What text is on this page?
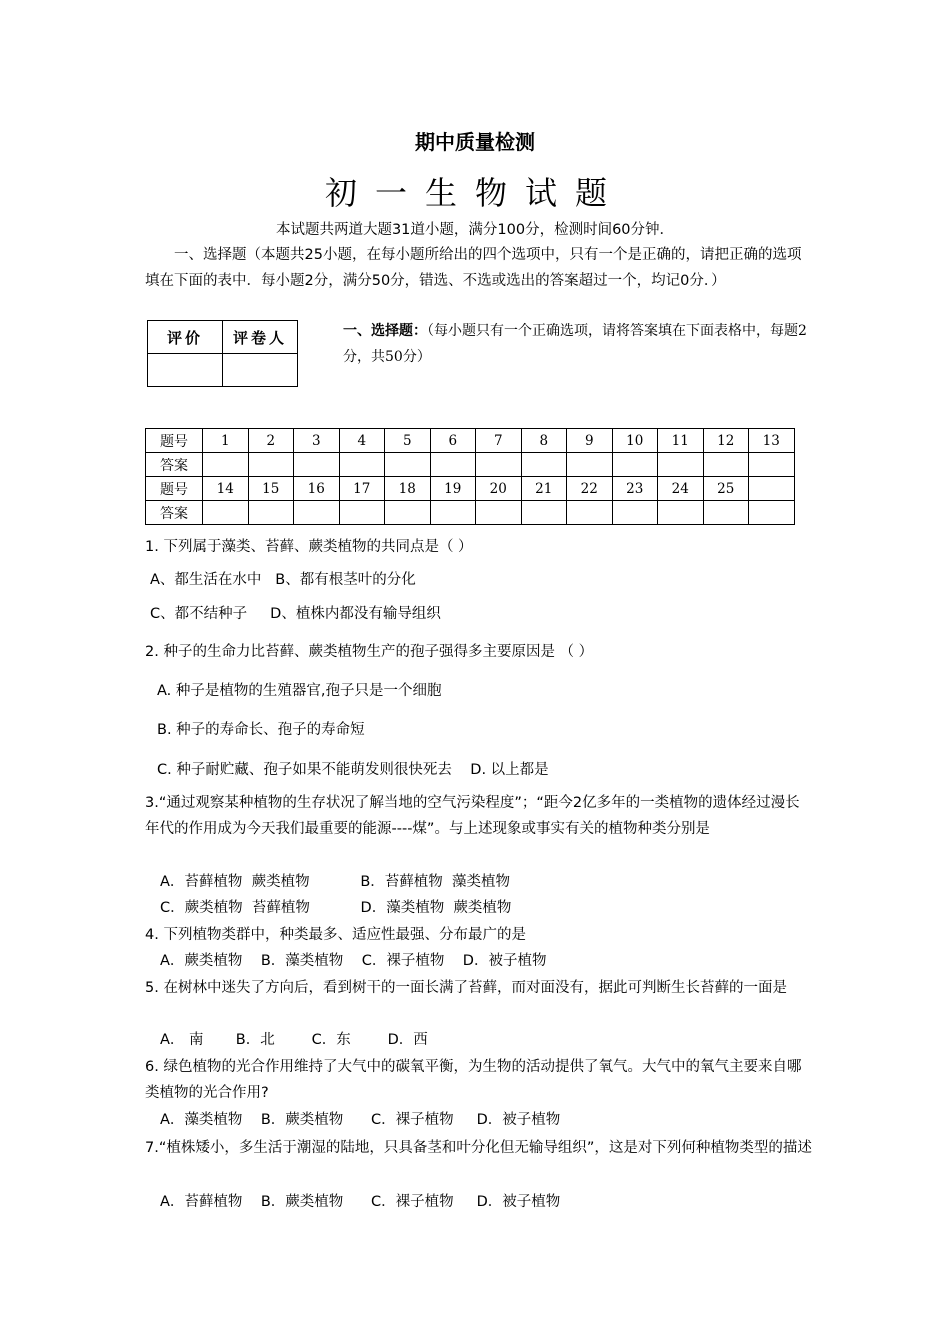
期中质量检测
初一生物试题
本试题共两道大题31道小题，满分100分，检测时间60分钟．
一、选择题（本题共25小题，在每小题所给出的四个选项中，只有一个是正确的，请把正确的选项填在下面的表中．每小题2分，满分50分，错选、不选或选出的答案超过一个，均记0分．）
评价	评卷人
		一、选择题：（每小题只有一个正确选项，请将答案填在下面表格中，每题2分，共50分）
题号	1	2	3	4	5	6	7	8	9	10	11	12	13
答案													
题号	14	15	16	17	18	19	20	21	22	23	24	25	
答案													
1. 下列属于藻类、苔藓、蕨类植物的共同点是（ ）
A、都生活在水中   B、都有根茎叶的分化
C、都不结种子     D、植株内都没有输导组织
2. 种子的生命力比苔藓、蕨类植物生产的孢子强得多主要原因是 （ ）
A. 种子是植物的生殖器官,孢子只是一个细胞
B. 种子的寿命长、孢子的寿命短
C. 种子耐贮藏、孢子如果不能萌发则很快死去    D. 以上都是
3.“通过观察某种植物的生存状况了解当地的空气污染程度”；“距今2亿多年的一类植物的遗体经过漫长年代的作用成为今天我们最重要的能源----煤”。与上述现象或事实有关的植物种类分别是
A．苔藓植物  蕨类植物           B．苔藓植物  藻类植物
C．蕨类植物  苔藓植物           D．藻类植物  蕨类植物
4. 下列植物类群中，种类最多、适应性最强、分布最广的是
A．蕨类植物    B．藻类植物    C．裸子植物    D．被子植物
5. 在树林中迷失了方向后，看到树干的一面长满了苔藓，而对面没有，据此可判断生长苔藓的一面是
A． 南       B．北        C．东        D．西
6. 绿色植物的光合作用维持了大气中的碳氧平衡，为生物的活动提供了氧气。大气中的氧气主要来自哪类植物的光合作用?
A．藻类植物    B．蕨类植物      C．裸子植物     D．被子植物
7.“植株矮小，多生活于潮湿的陆地，只具备茎和叶分化但无输导组织”，这是对下列何种植物类型的描述
A．苔藓植物    B．蕨类植物      C．裸子植物     D．被子植物
